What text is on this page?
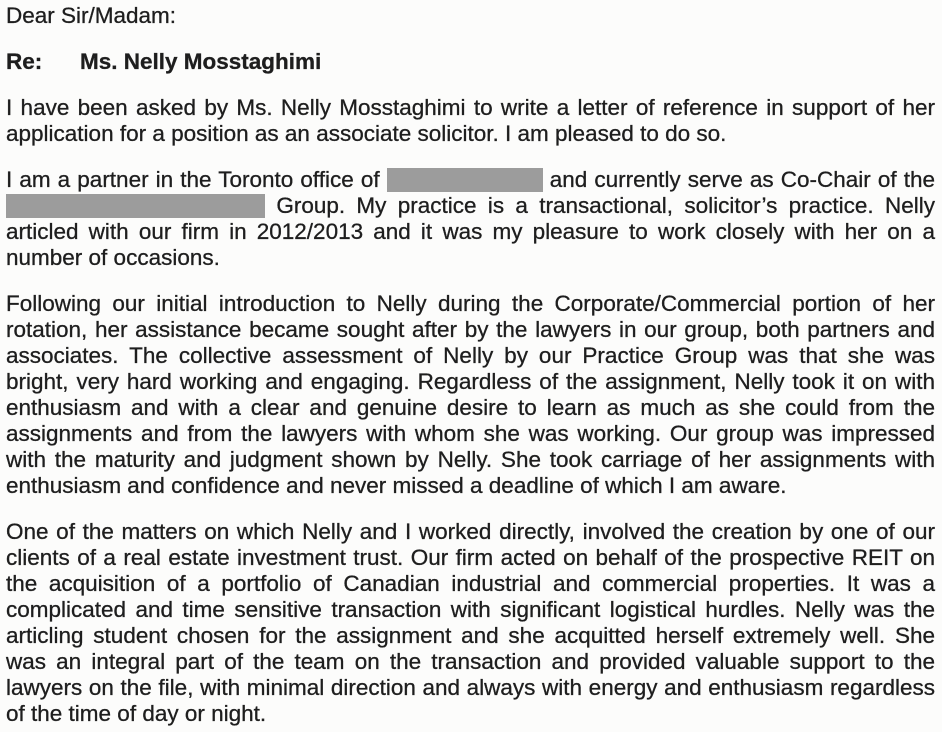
Dear Sir/Madam:

Re: Ms. Nelly Mosstaghimi

I have been asked by Ms. Nelly Mosstaghimi to write a letter of reference in support of her application for a position as an associate solicitor. I am pleased to do so.

I am a partner in the Toronto office of	and currently serve as Co-Chair of the  Group. My practice is a transactional, solicitor’s practice. Nelly articled with our firm in 2012/2013 and it was my pleasure to work closely with her on a number of occasions.

Following our initial introduction to Nelly during the Corporate/Commercial portion of her rotation, her assistance became sought after by the lawyers in our group, both partners and associates. The collective assessment of Nelly by our Practice Group was that she was bright, very hard working and engaging. Regardless of the assignment, Nelly took it on with enthusiasm and with a clear and genuine desire to learn as much as she could from the assignments and from the lawyers with whom she was working. Our group was impressed with the maturity and judgment shown by Nelly. She took carriage of her assignments with enthusiasm and confidence and never missed a deadline of which I am aware.

One of the matters on which Nelly and I worked directly, involved the creation by one of our clients of a real estate investment trust. Our firm acted on behalf of the prospective REIT on the acquisition of a portfolio of Canadian industrial and commercial properties. It was a complicated and time sensitive transaction with significant logistical hurdles. Nelly was the articling student chosen for the assignment and she acquitted herself extremely well. She was an integral part of the team on the transaction and provided valuable support to the lawyers on the file, with minimal direction and always with energy and enthusiasm regardless of the time of day or night.
